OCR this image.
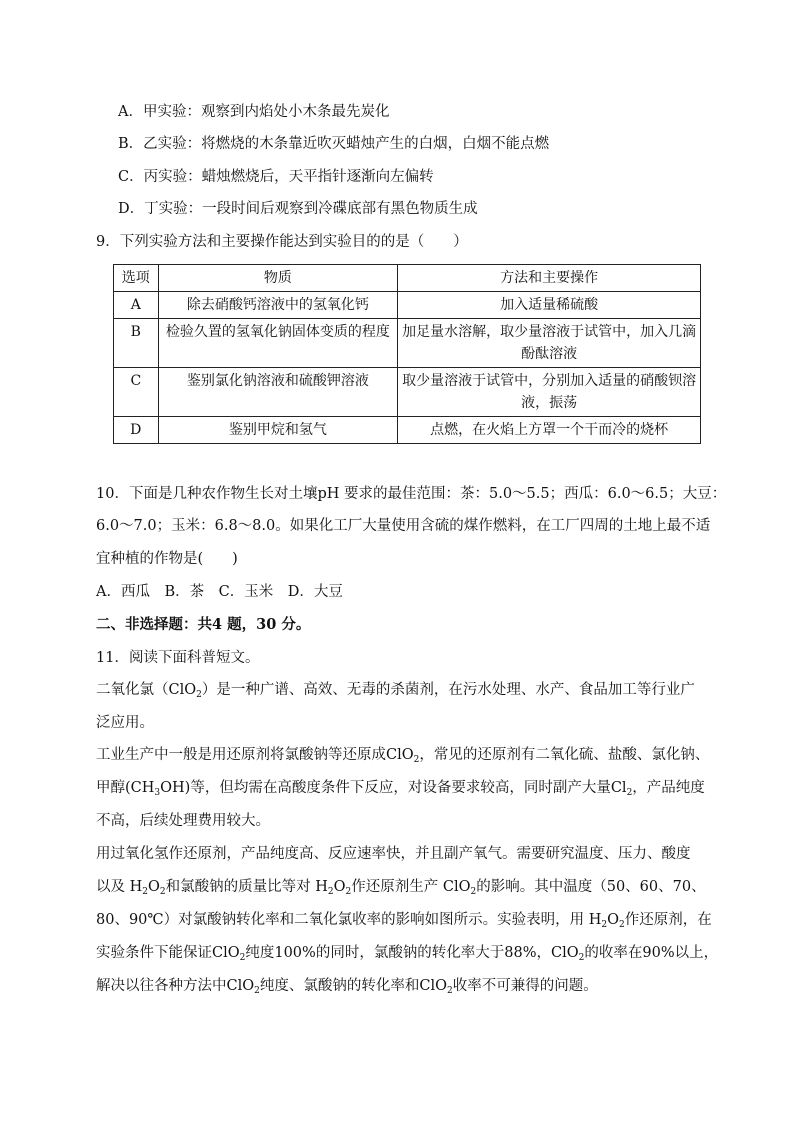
A．甲实验：观察到内焰处小木条最先炭化
B．乙实验：将燃烧的木条靠近吹灭蜡烛产生的白烟，白烟不能点燃
C．丙实验：蜡烛燃烧后，天平指针逐渐向左偏转
D．丁实验：一段时间后观察到冷碟底部有黑色物质生成
9．下列实验方法和主要操作能达到实验目的的是（　　）
选项	物质	方法和主要操作
A	除去硝酸钙溶液中的氢氧化钙	加入适量稀硫酸
B	检验久置的氢氧化钠固体变质的程度	加足量水溶解，取少量溶液于试管中，加入几滴酚酞溶液
C	鉴别氯化钠溶液和硫酸钾溶液	取少量溶液于试管中，分别加入适量的硝酸钡溶液，振荡
D	鉴别甲烷和氢气	点燃，在火焰上方罩一个干而冷的烧杯
10．下面是几种农作物生长对土壤pH 要求的最佳范围：茶：5.0～5.5；西瓜：6.0～6.5；大豆：
6.0～7.0；玉米：6.8～8.0。如果化工厂大量使用含硫的煤作燃料，在工厂四周的土地上最不适
宜种植的作物是(　　)
A．西瓜　B．茶　C．玉米　D．大豆
二、非选择题：共4 题，30 分。
11．阅读下面科普短文。
二氧化氯（ClO$_2$）是一种广谱、高效、无毒的杀菌剂，在污水处理、水产、食品加工等行业广
泛应用。
工业生产中一般是用还原剂将氯酸钠等还原成ClO$_2$，常见的还原剂有二氧化硫、盐酸、氯化钠、
甲醇$(CH_3OH)$等，但均需在高酸度条件下反应，对设备要求较高，同时副产大量$Cl_2$，产品纯度
不高，后续处理费用较大。
用过氧化氢作还原剂，产品纯度高、反应速率快，并且副产氧气。需要研究温度、压力、酸度
以及 $H_2O_2$和氯酸钠的质量比等对 $H_2O_2$作还原剂生产 ClO$_2$的影响。其中温度（50、60、70、
80、90℃）对氯酸钠转化率和二氧化氯收率的影响如图所示。实验表明，用 $H_2O_2$作还原剂，在
实验条件下能保证ClO$_2$纯度100%的同时，氯酸钠的转化率大于88%，ClO$_2$的收率在90%以上，
解决以往各种方法中ClO$_2$纯度、氯酸钠的转化率和ClO$_2$收率不可兼得的问题。
